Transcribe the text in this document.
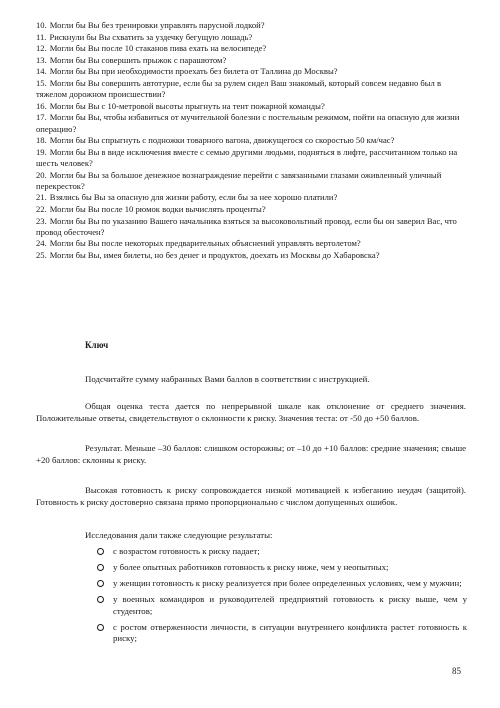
10. Могли бы Вы без тренировки управлять парусной лодкой?

11. Рискнули бы Вы схватить за уздечку бегущую лошадь?

12. Могли бы Вы после 10 стаканов пива ехать на велосипеде?

13. Могли бы Вы совершить прыжок с парашютом?

14. Могли бы Вы при необходимости проехать без билета от Таллина до Москвы?

15. Могли бы Вы совершить автотурне, если бы за рулем сидел Ваш знакомый, который совсем недавно был в тяжелом дорожном происшествии?

16. Могли бы Вы с 10-метровой высоты прыгнуть на тент пожарной команды?

17. Могли бы Вы, чтобы избавиться от мучительной болезни с постельным режимом, пойти на опасную для жизни операцию?

18. Могли бы Вы спрыгнуть с подножки товарного вагона, движущегося со скоростью 50 км/час?

19. Могли бы Вы в виде исключения вместе с семью другими людьми, подняться в лифте, рассчитанном только на шесть человек?

20. Могли бы Вы за большое денежное вознаграждение перейти с завязанными глазами оживленный уличный перекресток?

21. Взялись бы Вы за опасную для жизни работу, если бы за нее хорошо платили?

22. Могли бы Вы после 10 рюмок водки вычислять проценты?

23. Могли бы Вы по указанию Вашего начальника взяться за высоковольтный провод, если бы он заверил Вас, что провод обесточен?

24. Могли бы Вы после некоторых предварительных объяснений управлять вертолетом?

25. Могли бы Вы, имея билеты, но без денег и продуктов, доехать из Москвы до Хабаровска?

Ключ

Подсчитайте сумму набранных Вами баллов в соответствии с инструкцией.

Общая оценка теста дается по непрерывной шкале как отклонение от среднего значения. Положительные ответы, свидетельствуют о склонности к риску. Значения теста: от -50 до +50 баллов.

Результат. Меньше –30 баллов: слишком осторожны; от –10 до +10 баллов: средние значения; свыше +20 баллов: склонны к риску.

Высокая готовность к риску сопровождается низкой мотивацией к избеганию неудач (защитой). Готовность к риску достоверно связана прямо пропорционально с числом допущенных ошибок.

Исследования дали также следующие результаты:

с возрастом готовность к риску падает;
у более опытных работников готовность к риску ниже, чем у неопытных;
у женщин готовность к риску реализуется при более определенных условиях, чем у мужчин;
у военных командиров и руководителей предприятий готовность к риску выше, чем у студентов;
с ростом отверженности личности, в ситуации внутреннего конфликта растет готовность к риску;
85
